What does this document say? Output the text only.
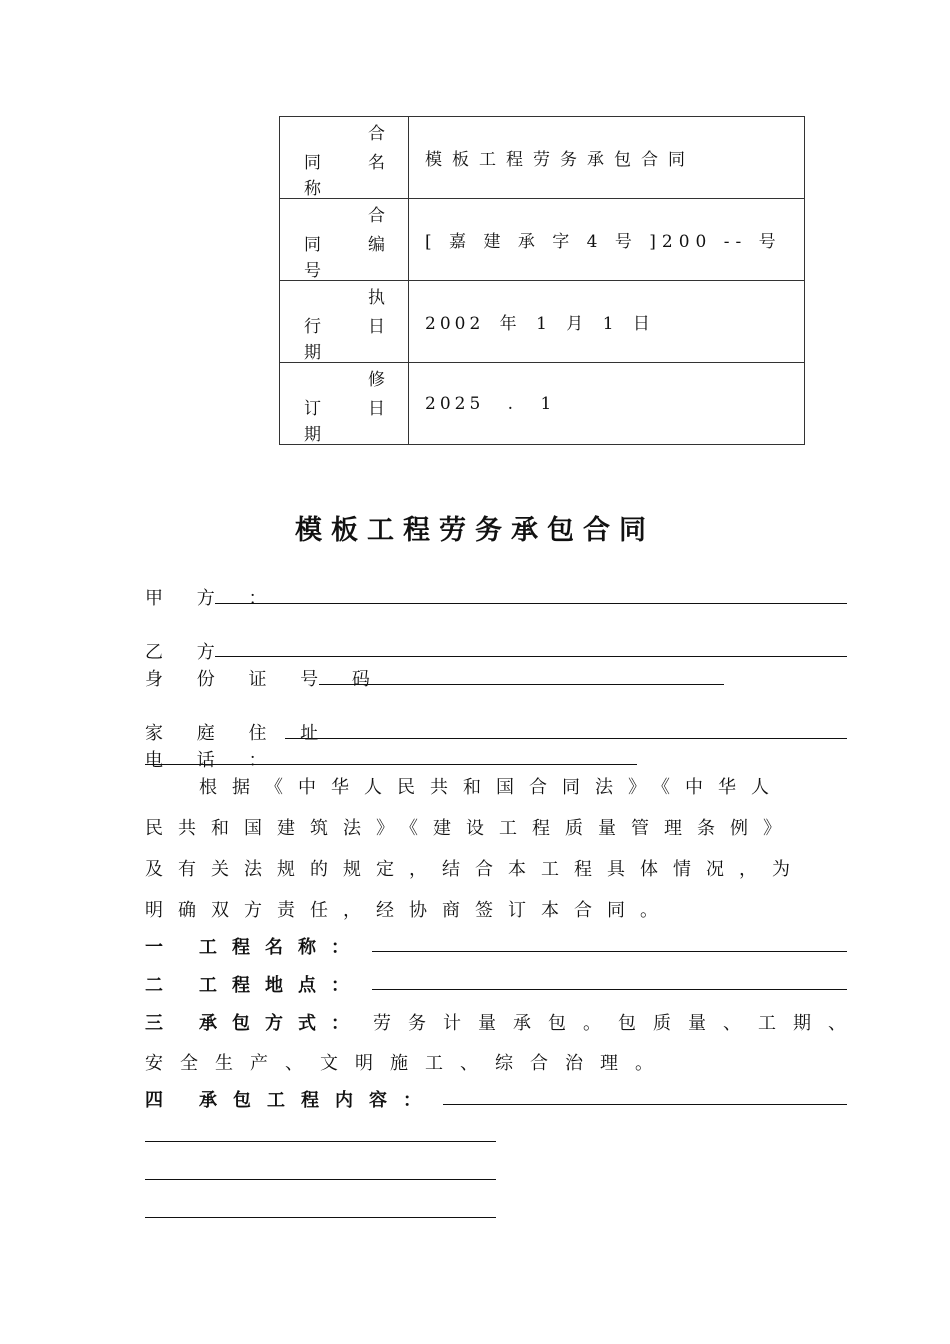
合
同 名
称	模板工程劳务承包合同

合
同 编
号	[ 嘉 建 承 字 4 号 ]200 -- 号

执
行 日
期	2002 年 1 月 1 日

修
订 日
期	2025 . 1
模板工程劳务承包合同
甲 方 ：
乙 方
身 份 证 号 码
家 庭 住 址
电 话 ：
根据《中华人民共和国合同法》《中华人
民共和国建筑法》《建设工程质量管理条例》
及有关法规的规定，结合本工程具体情况，为
明确双方责任，经协商签订本合同。
一 工程名称：
二 工程地点：
三 承包方式： 劳务计量承包。包质量、工期、
安全生产、文明施工、综合治理。
四 承包工程内容：
